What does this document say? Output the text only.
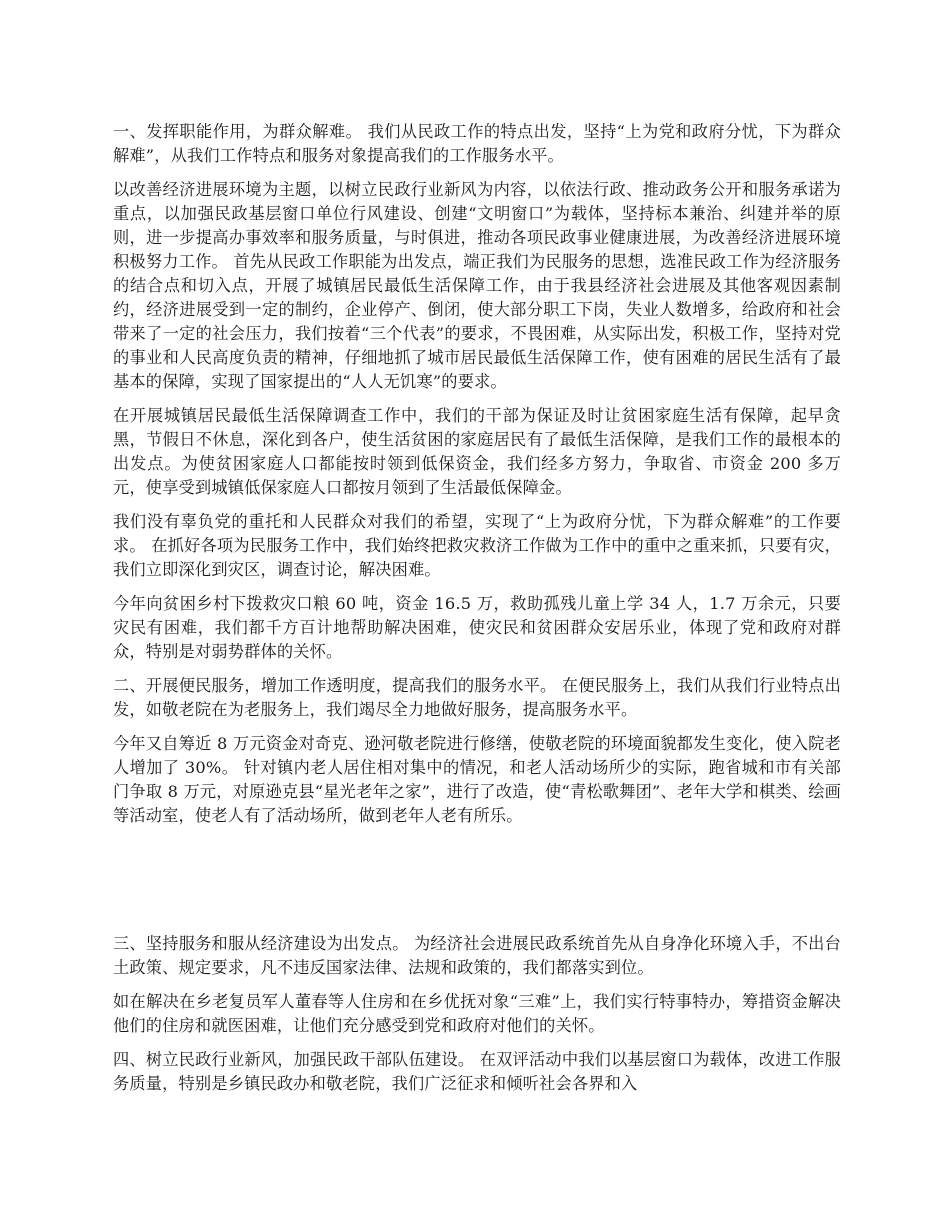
一、发挥职能作用，为群众解难。 我们从民政工作的特点出发，坚持“上为党和政府分忧，下为群众解难”，从我们工作特点和服务对象提高我们的工作服务水平。

以改善经济进展环境为主题，以树立民政行业新风为内容，以依法行政、推动政务公开和服务承诺为重点，以加强民政基层窗口单位行风建设、创建“文明窗口”为载体，坚持标本兼治、纠建并举的原则，进一步提高办事效率和服务质量，与时俱进，推动各项民政事业健康进展，为改善经济进展环境积极努力工作。 首先从民政工作职能为出发点，端正我们为民服务的思想，选准民政工作为经济服务的结合点和切入点，开展了城镇居民最低生活保障工作，由于我县经济社会进展及其他客观因素制约，经济进展受到一定的制约，企业停产、倒闭，使大部分职工下岗，失业人数增多，给政府和社会带来了一定的社会压力，我们按着“三个代表”的要求，不畏困难，从实际出发，积极工作，坚持对党的事业和人民高度负责的精神，仔细地抓了城市居民最低生活保障工作，使有困难的居民生活有了最基本的保障，实现了国家提出的“人人无饥寒”的要求。

在开展城镇居民最低生活保障调查工作中，我们的干部为保证及时让贫困家庭生活有保障，起早贪黑，节假日不休息，深化到各户，使生活贫困的家庭居民有了最低生活保障，是我们工作的最根本的出发点。为使贫困家庭人口都能按时领到低保资金，我们经多方努力，争取省、市资金 200 多万元，使享受到城镇低保家庭人口都按月领到了生活最低保障金。

我们没有辜负党的重托和人民群众对我们的希望，实现了“上为政府分忧，下为群众解难”的工作要求。 在抓好各项为民服务工作中，我们始终把救灾救济工作做为工作中的重中之重来抓，只要有灾，我们立即深化到灾区，调查讨论，解决困难。

今年向贫困乡村下拨救灾口粮 60 吨，资金 16.5 万，救助孤残儿童上学 34 人，1.7 万余元，只要灾民有困难，我们都千方百计地帮助解决困难，使灾民和贫困群众安居乐业，体现了党和政府对群众，特别是对弱势群体的关怀。

二、开展便民服务，增加工作透明度，提高我们的服务水平。 在便民服务上，我们从我们行业特点出发，如敬老院在为老服务上，我们竭尽全力地做好服务，提高服务水平。

今年又自筹近 8 万元资金对奇克、逊河敬老院进行修缮，使敬老院的环境面貌都发生变化，使入院老人增加了 30%。 针对镇内老人居住相对集中的情况，和老人活动场所少的实际，跑省城和市有关部门争取 8 万元，对原逊克县“星光老年之家”，进行了改造，使“青松歌舞团”、老年大学和棋类、绘画等活动室，使老人有了活动场所，做到老年人老有所乐。

三、坚持服务和服从经济建设为出发点。 为经济社会进展民政系统首先从自身净化环境入手，不出台土政策、规定要求，凡不违反国家法律、法规和政策的，我们都落实到位。

如在解决在乡老复员军人董春等人住房和在乡优抚对象“三难”上，我们实行特事特办，筹措资金解决他们的住房和就医困难，让他们充分感受到党和政府对他们的关怀。

四、树立民政行业新风，加强民政干部队伍建设。 在双评活动中我们以基层窗口为载体，改进工作服务质量，特别是乡镇民政办和敬老院，我们广泛征求和倾听社会各界和入
